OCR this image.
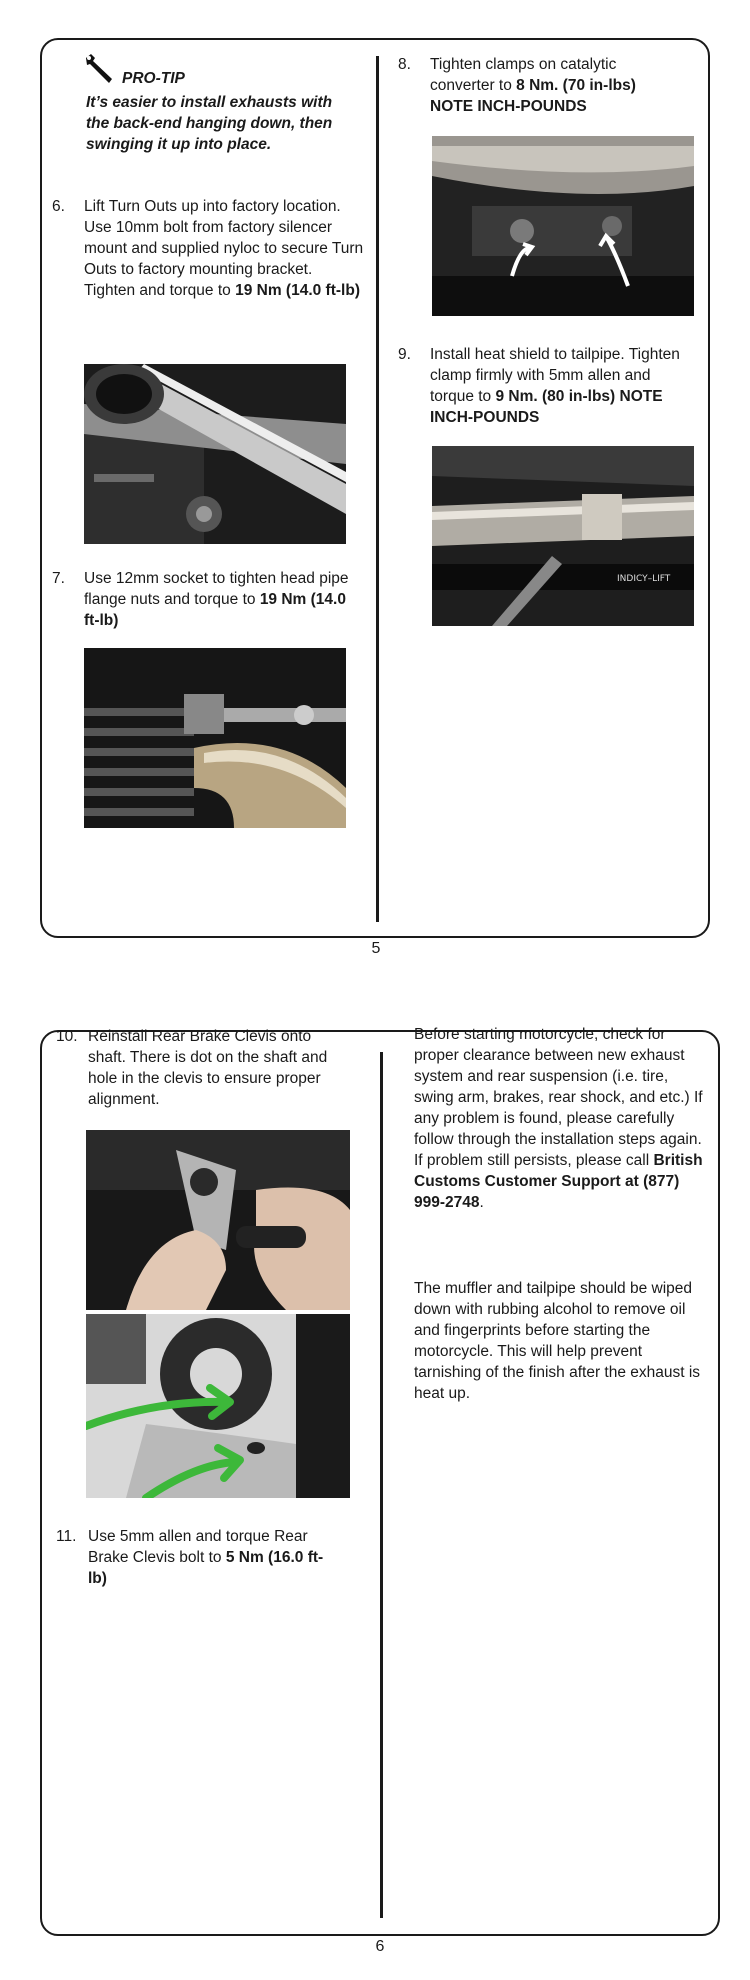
PRO-TIP
It’s easier to install exhausts with the back-end hanging down, then swinging it up into place.
6. Lift Turn Outs up into factory location. Use 10mm bolt from factory silencer mount and supplied nyloc to secure Turn Outs to factory mounting bracket. Tighten and torque to 19 Nm (14.0 ft-lb)
7. Use 12mm socket to tighten head pipe flange nuts and torque to 19 Nm (14.0 ft-lb)
8. Tighten clamps on catalytic converter to 8 Nm. (70 in-lbs) NOTE INCH-POUNDS
9. Install heat shield to tailpipe. Tighten clamp firmly with 5mm allen and torque to 9 Nm. (80 in-lbs) NOTE INCH-POUNDS
INDICY–LIFT
5
10. Reinstall Rear Brake Clevis onto shaft. There is dot on the shaft and hole in the clevis to ensure proper alignment.
11. Use 5mm allen and torque Rear Brake Clevis bolt to 5 Nm (16.0 ft-lb)
Before starting motorcycle, check for proper clearance between new exhaust system and rear suspension (i.e. tire, swing arm, brakes, rear shock, and etc.) If any problem is found, please carefully follow through the installation steps again. If problem still persists, please call British Customs Customer Support at (877) 999-2748.
The muffler and tailpipe should be wiped down with rubbing alcohol to remove oil and fingerprints before starting the motorcycle. This will help prevent tarnishing of the finish after the exhaust is heat up.
6
